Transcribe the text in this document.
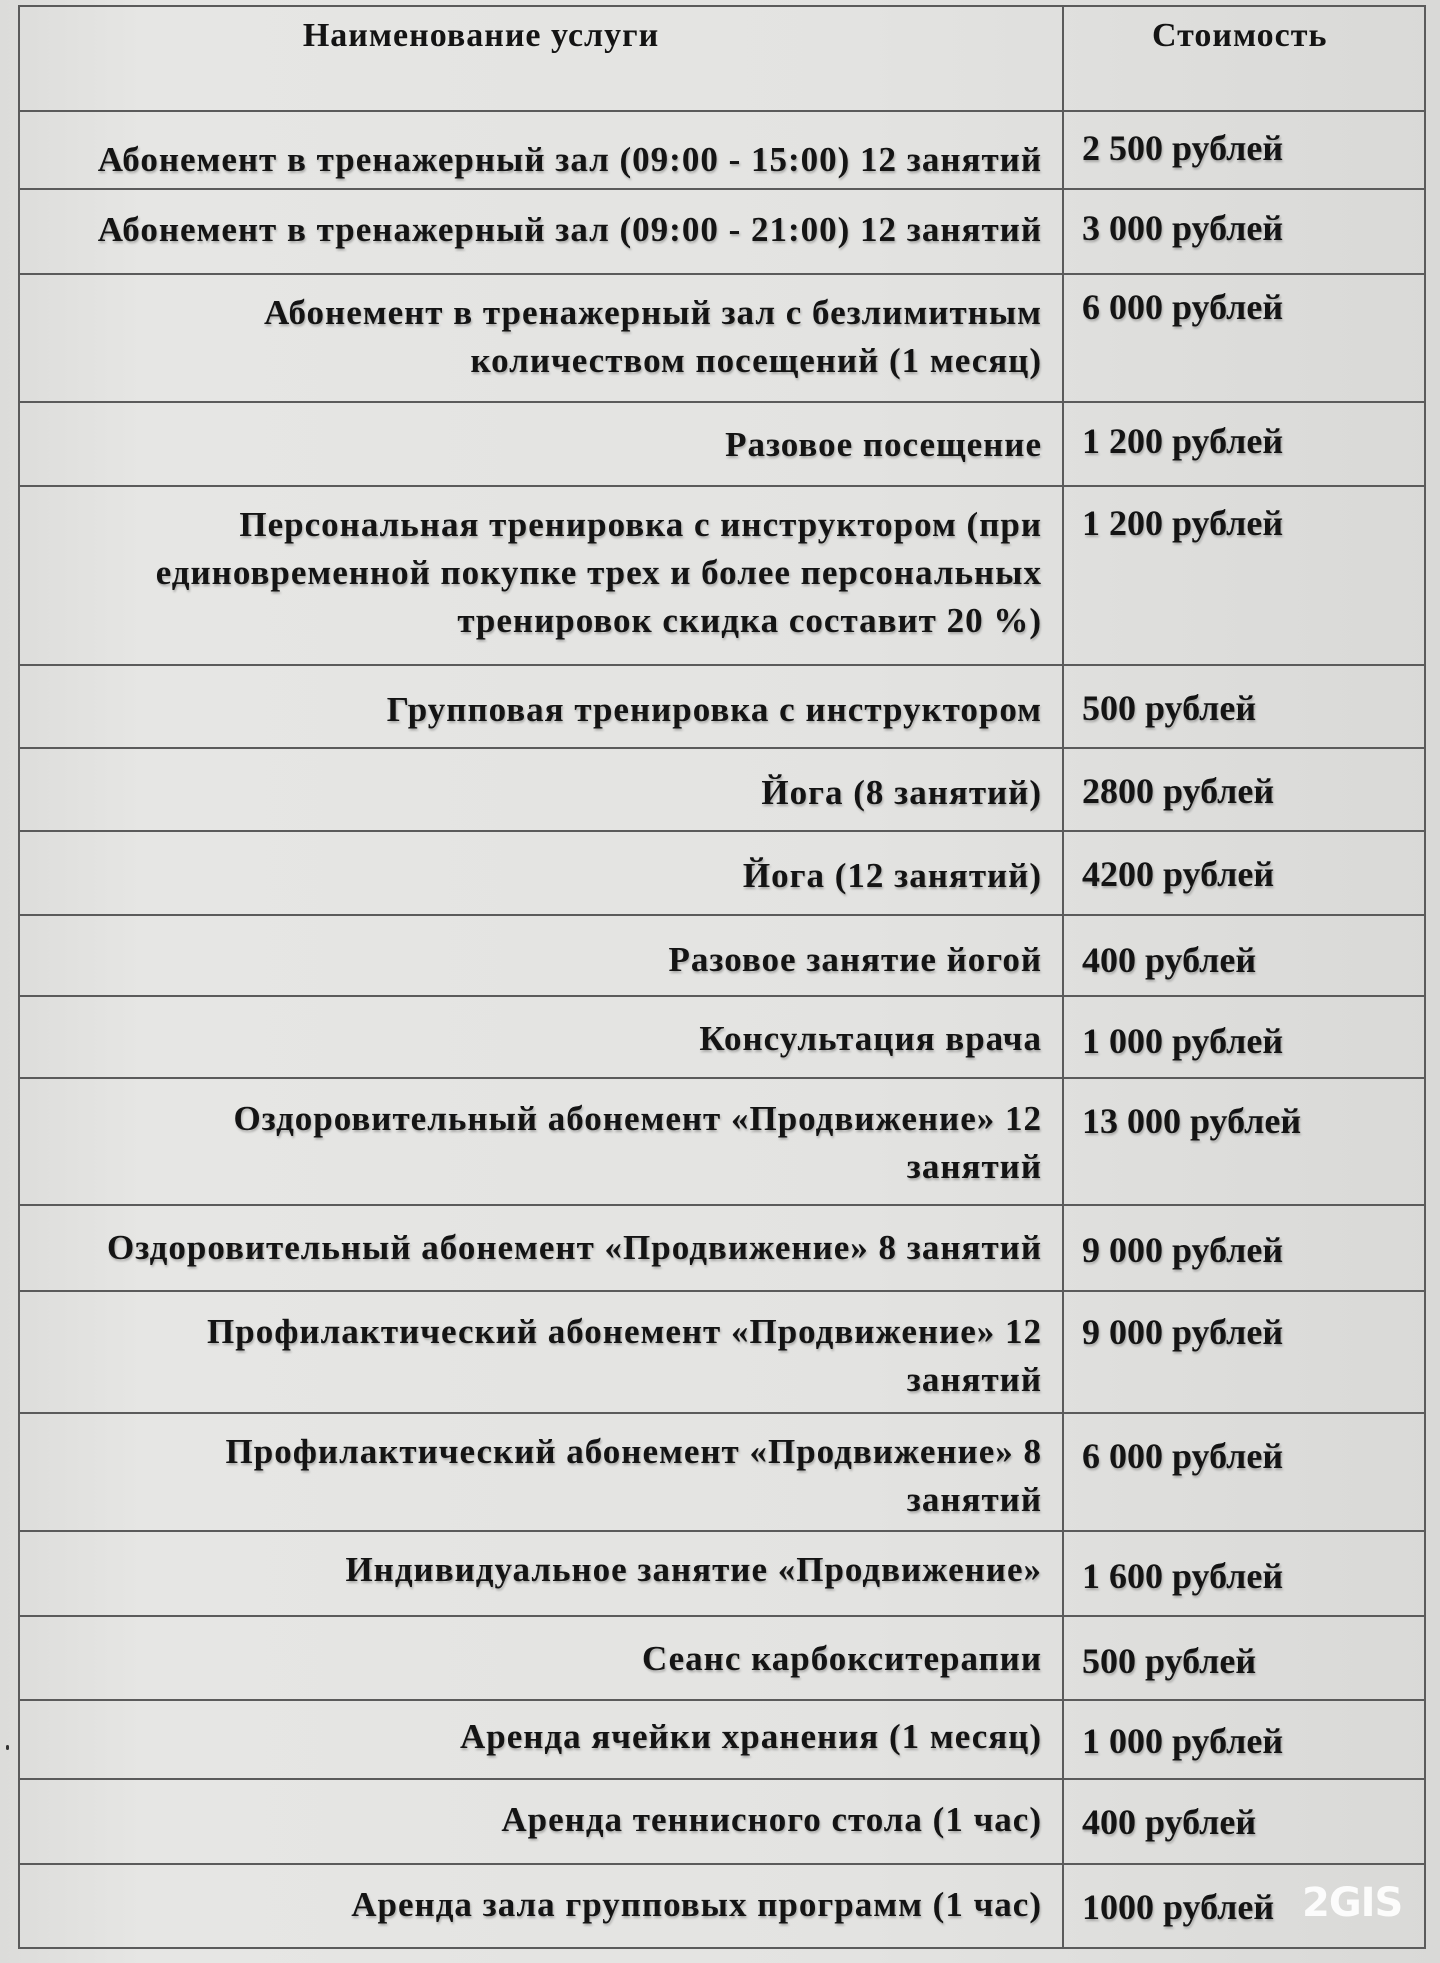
Наименование услуги	Стоимость

Абонемент в тренажерный зал (09:00 - 15:00) 12 занятий	2 500 рублей

Абонемент в тренажерный зал (09:00 - 21:00) 12 занятий	3 000 рублей

Абонемент в тренажерный зал с безлимитным количеством посещений (1 месяц)	6 000 рублей

Разовое посещение	1 200 рублей

Персональная тренировка с инструктором (при единовременной покупке трех и более персональных тренировок скидка составит 20 %)	1 200 рублей

Групповая тренировка с инструктором	500 рублей

Йога (8 занятий)	2800 рублей

Йога (12 занятий)	4200 рублей

Разовое занятие йогой	400 рублей

Консультация врача	1 000 рублей

Оздоровительный абонемент «Продвижение» 12 занятий	13 000 рублей

Оздоровительный абонемент «Продвижение» 8 занятий	9 000 рублей

Профилактический абонемент «Продвижение» 12 занятий	9 000 рублей

Профилактический абонемент «Продвижение» 8 занятий	6 000 рублей

Индивидуальное занятие «Продвижение»	1 600 рублей

Сеанс карбокситерапии	500 рублей

Аренда ячейки хранения (1 месяц)	1 000 рублей

Аренда теннисного стола (1 час)	400 рублей

Аренда зала групповых программ (1 час)	1000 рублей 2GIS
